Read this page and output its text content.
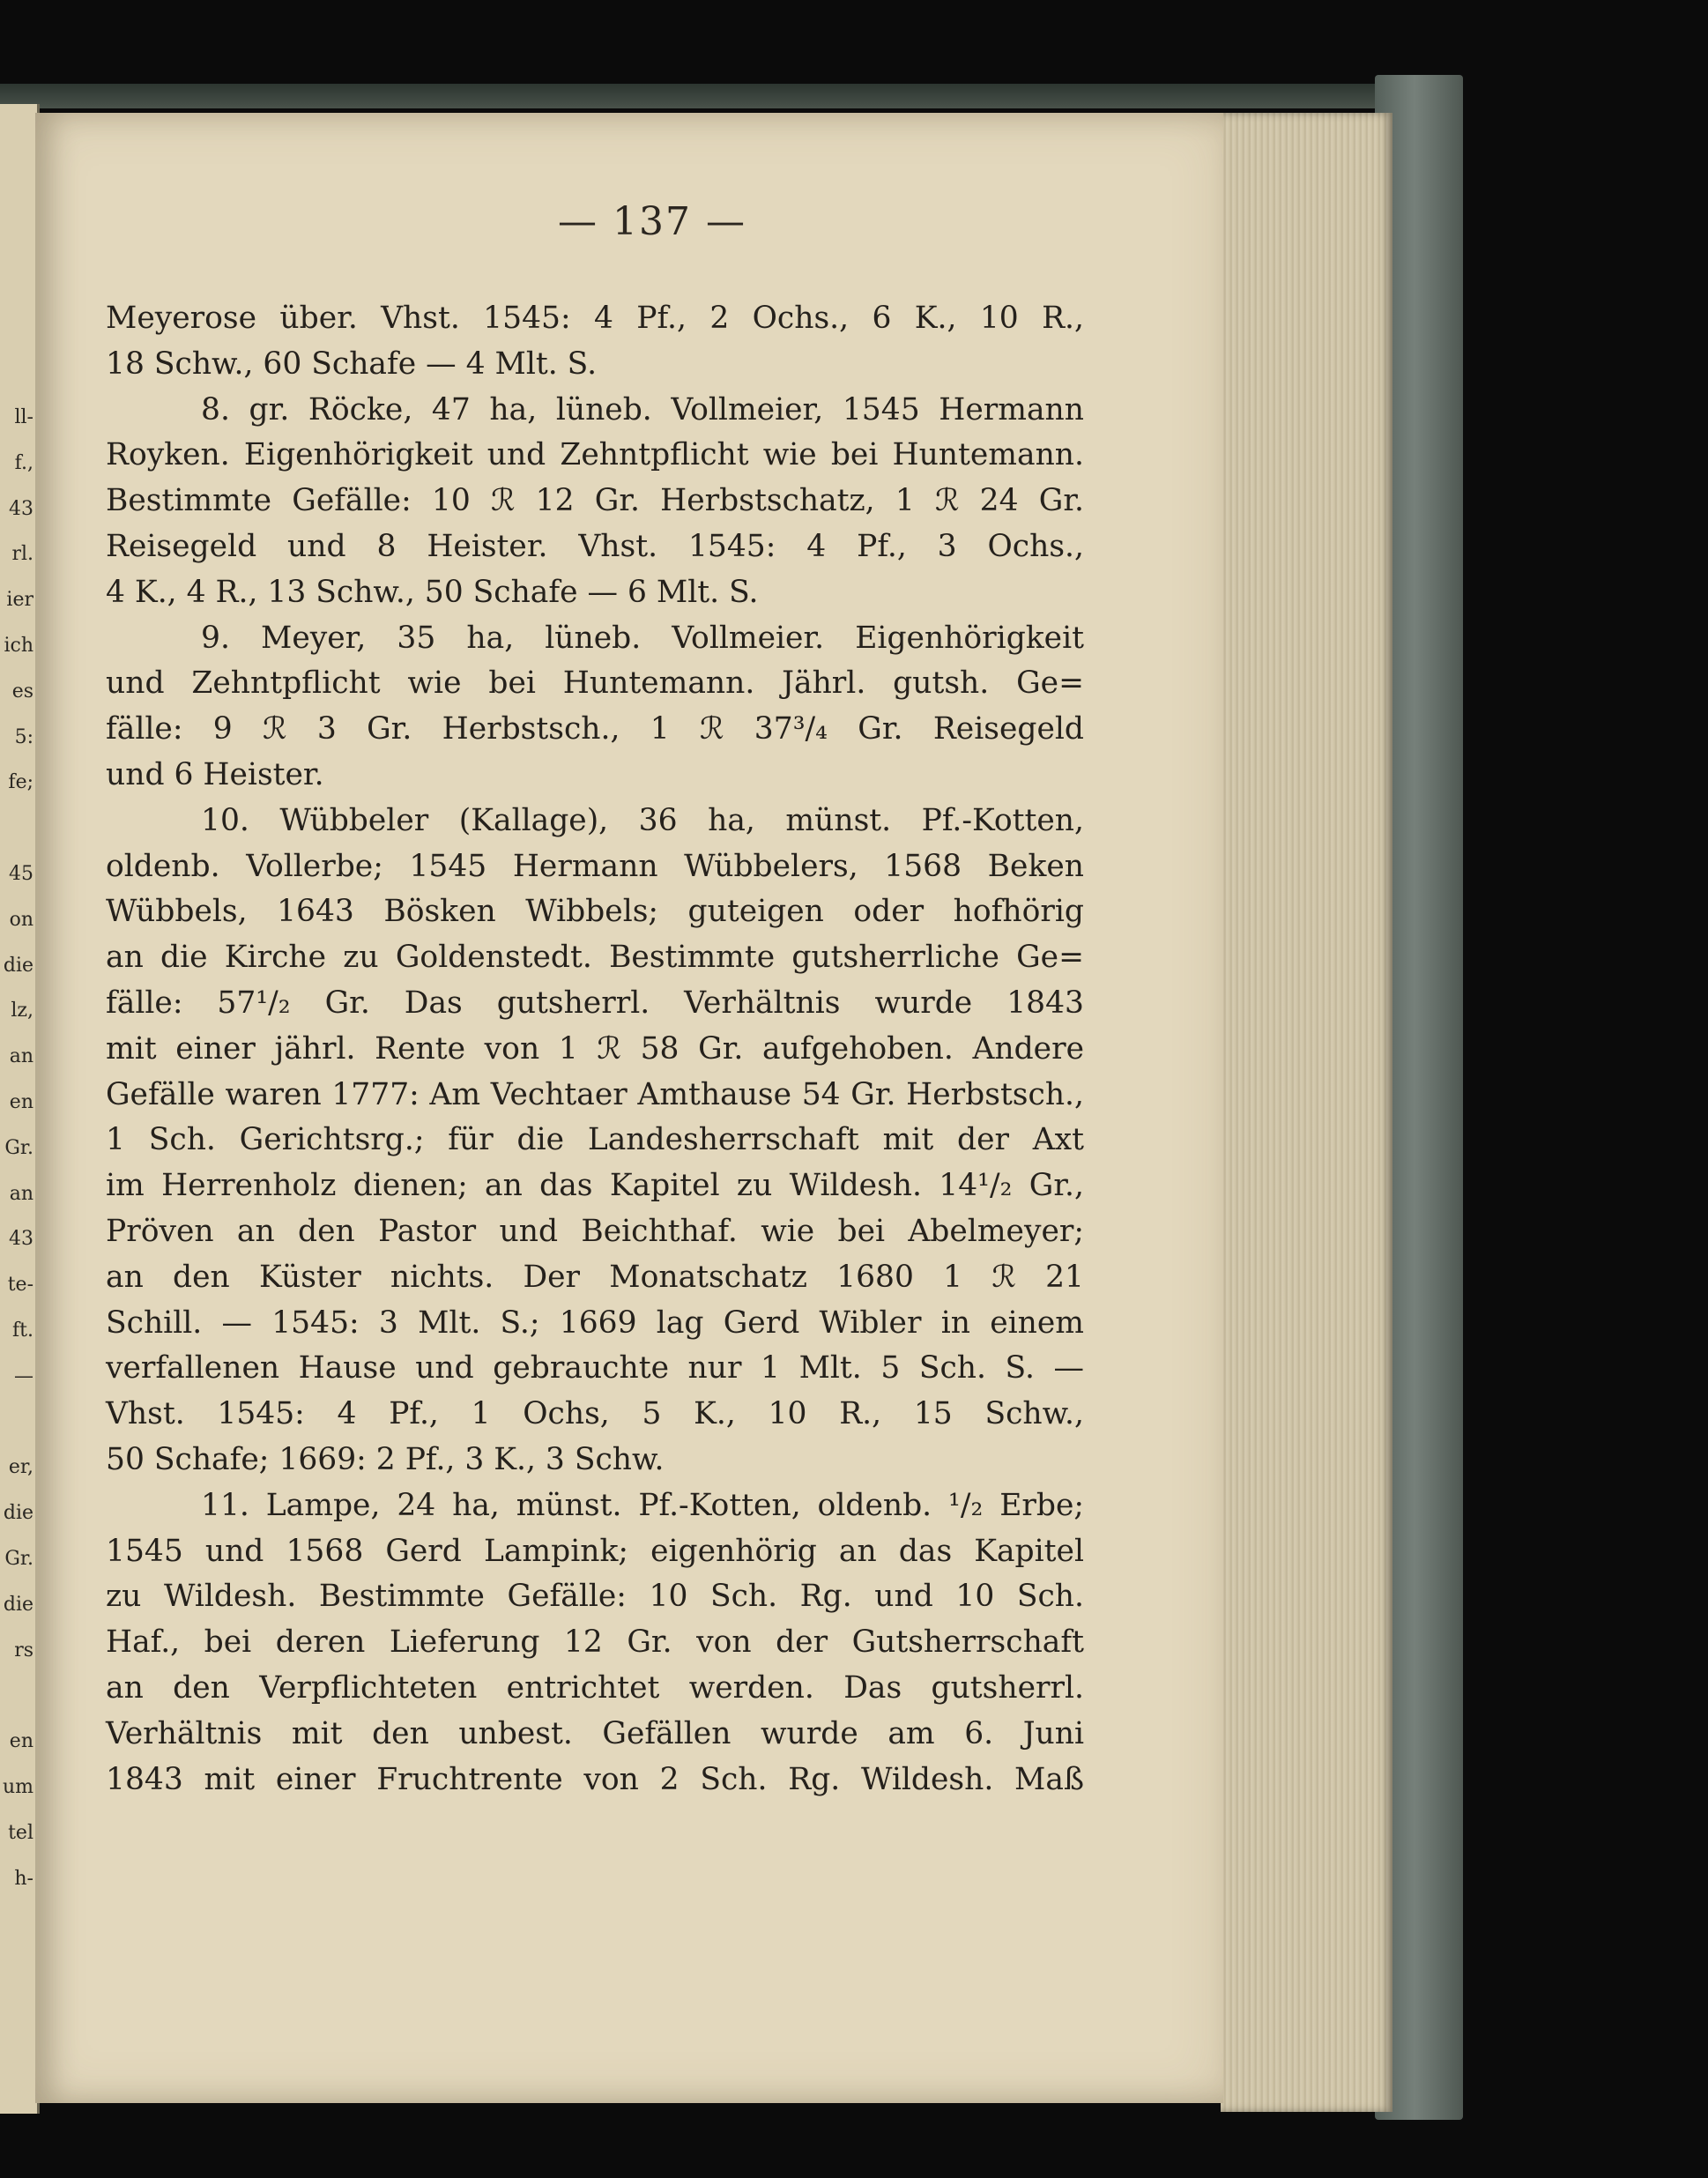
ll-
f.,
43
rl.
ier
ich
es
5:
fe;
45
on
die
lz,
an
en
Gr.
an
43
te-
ft.
—
er,
die
Gr.
die
rs
en
um
tel
h-
— 137 —
Meyerose über. Vhst. 1545: 4 Pf., 2 Ochs., 6 K., 10 R.,
18 Schw., 60 Schafe — 4 Mlt. S.
8. gr. Röcke, 47 ha, lüneb. Vollmeier, 1545 Hermann
Royken. Eigenhörigkeit und Zehntpflicht wie bei Huntemann.
Bestimmte Gefälle: 10 ℛ 12 Gr. Herbstschatz, 1 ℛ 24 Gr.
Reisegeld und 8 Heister. Vhst. 1545: 4 Pf., 3 Ochs.,
4 K., 4 R., 13 Schw., 50 Schafe — 6 Mlt. S.
9. Meyer, 35 ha, lüneb. Vollmeier. Eigenhörigkeit
und Zehntpflicht wie bei Huntemann. Jährl. gutsh. Ge=
fälle: 9 ℛ 3 Gr. Herbstsch., 1 ℛ 37³/₄ Gr. Reisegeld
und 6 Heister.
10. Wübbeler (Kallage), 36 ha, münst. Pf.-Kotten,
oldenb. Vollerbe; 1545 Hermann Wübbelers, 1568 Beken
Wübbels, 1643 Bösken Wibbels; guteigen oder hofhörig
an die Kirche zu Goldenstedt. Bestimmte gutsherrliche Ge=
fälle: 57¹/₂ Gr. Das gutsherrl. Verhältnis wurde 1843
mit einer jährl. Rente von 1 ℛ 58 Gr. aufgehoben. Andere
Gefälle waren 1777: Am Vechtaer Amthause 54 Gr. Herbstsch.,
1 Sch. Gerichtsrg.; für die Landesherrschaft mit der Axt
im Herrenholz dienen; an das Kapitel zu Wildesh. 14¹/₂ Gr.,
Pröven an den Pastor und Beichthaf. wie bei Abelmeyer;
an den Küster nichts. Der Monatschatz 1680 1 ℛ 21
Schill. — 1545: 3 Mlt. S.; 1669 lag Gerd Wibler in einem
verfallenen Hause und gebrauchte nur 1 Mlt. 5 Sch. S. —
Vhst. 1545: 4 Pf., 1 Ochs, 5 K., 10 R., 15 Schw.,
50 Schafe; 1669: 2 Pf., 3 K., 3 Schw.
11. Lampe, 24 ha, münst. Pf.-Kotten, oldenb. ¹/₂ Erbe;
1545 und 1568 Gerd Lampink; eigenhörig an das Kapitel
zu Wildesh. Bestimmte Gefälle: 10 Sch. Rg. und 10 Sch.
Haf., bei deren Lieferung 12 Gr. von der Gutsherrschaft
an den Verpflichteten entrichtet werden. Das gutsherrl.
Verhältnis mit den unbest. Gefällen wurde am 6. Juni
1843 mit einer Fruchtrente von 2 Sch. Rg. Wildesh. Maß
